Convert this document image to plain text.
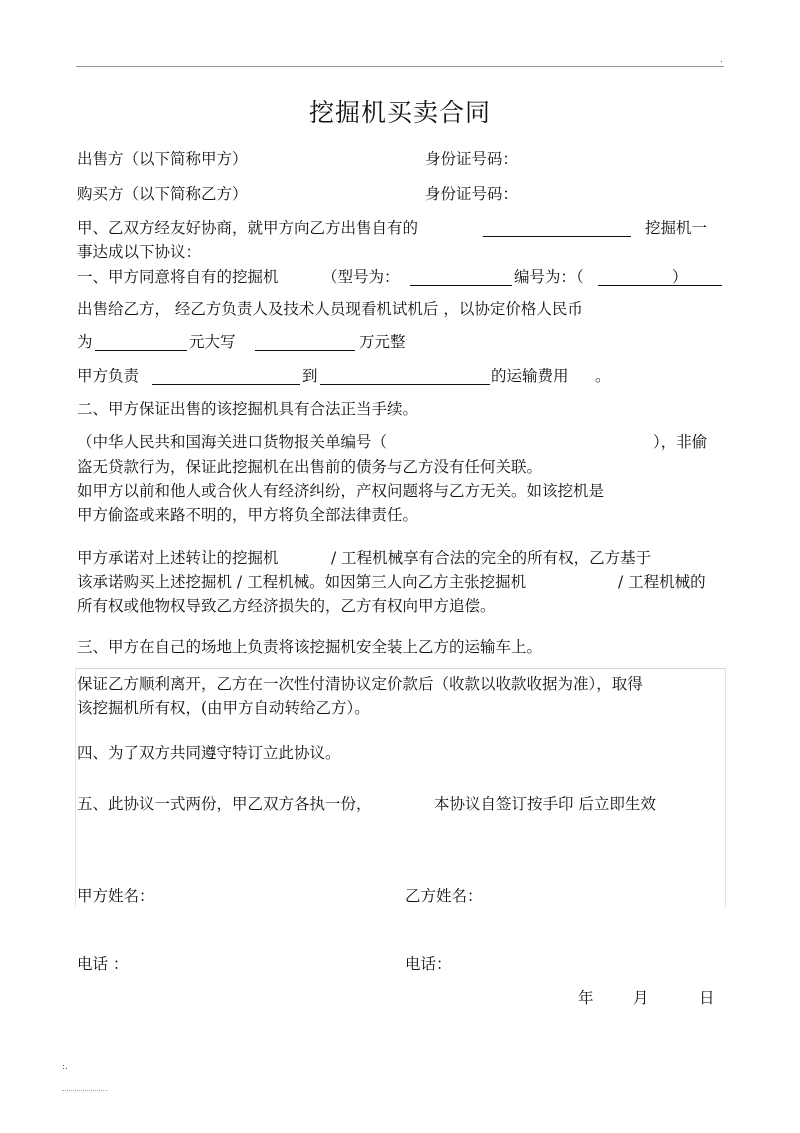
.
挖掘机买卖合同
出售方（以下简称甲方）	身份证号码：
购买方（以下简称乙方）	身份证号码：
甲、乙双方经友好协商，就甲方向乙方出售自有的	挖掘机一
事达成以下协议：
一、甲方同意将自有的挖掘机	（型号为：	编号为：（	）
出售给乙方， 经乙方负责人及技术人员现看机试机后 ，以协定价格人民币
为	元大写	万元整
甲方负责	到	的运输费用 。
二、甲方保证出售的该挖掘机具有合法正当手续。
（中华人民共和国海关进口货物报关单编号（	），非偷
盗无贷款行为，保证此挖掘机在出售前的债务与乙方没有任何关联。
如甲方以前和他人或合伙人有经济纠纷，产权问题将与乙方无关。如该挖机是
甲方偷盗或来路不明的，甲方将负全部法律责任。
甲方承诺对上述转让的挖掘机	/ 工程机械享有合法的完全的所有权，乙方基于
该承诺购买上述挖掘机 / 工程机械。如因第三人向乙方主张挖掘机	/ 工程机械的
所有权或他物权导致乙方经济损失的，乙方有权向甲方追偿。
三、甲方在自己的场地上负责将该挖掘机安全装上乙方的运输车上。
保证乙方顺利离开，乙方在一次性付清协议定价款后（收款以收款收据为准），取得
该挖掘机所有权，(由甲方自动转给乙方）。
四、为了双方共同遵守特订立此协议。
五、此协议一式两份，甲乙双方各执一份，	本协议自签订按手印 后立即生效
甲方姓名：	乙方姓名：
电话 ：	电话：
年	月	日
:.
